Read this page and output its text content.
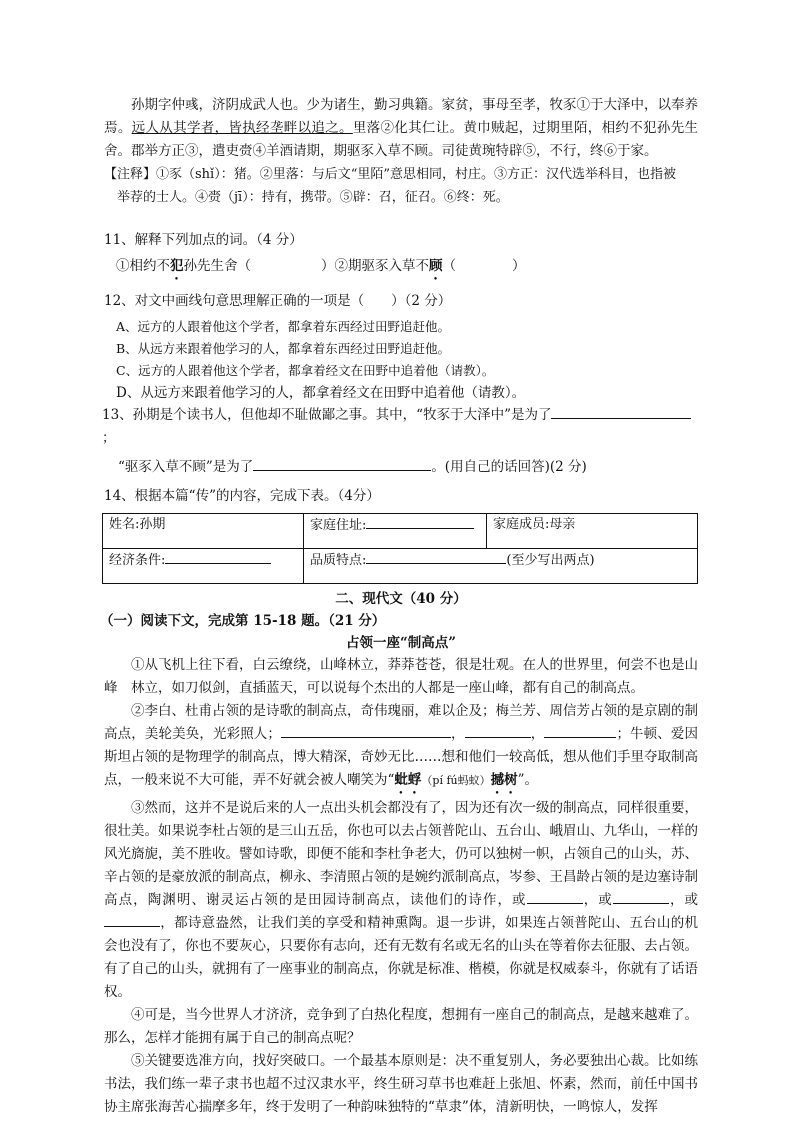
孙期字仲彧，济阴成武人也。少为诸生，勤习典籍。家贫，事母至孝，牧豕①于大泽中，以奉养焉。远人从其学者，皆执经垄畔以追之。里落②化其仁让。黄巾贼起，过期里陌，相约不犯孙先生舍。郡举方正③，遣吏赍④羊酒请期，期驱豕入草不顾。司徒黄琬特辟⑤，不行，终⑥于家。

【注释】①豕（shǐ）：猪。②里落：与后文“里陌”意思相同，村庄。③方正：汉代选举科目，也指被

举荐的士人。④赍（jī）：持有，携带。⑤辟：召，征召。⑥终：死。

11、解释下列加点的词。（4 分）

①相约不犯孙先生舍（	）②期驱豕入草不顾（	）

12、对文中画线句意思理解正确的一项是（　　）（2 分）

A、远方的人跟着他这个学者，都拿着东西经过田野追赶他。

B、从远方来跟着他学习的人，都拿着东西经过田野追赶他。

C、远方的人跟着他这个学者，都拿着经文在田野中追着他（请教）。

D、从远方来跟着他学习的人，都拿着经文在田野中追着他（请教）。

13、孙期是个读书人，但他却不耻做鄙之事。其中，“牧豕于大泽中”是为了；

“驱豕入草不顾”是为了	。(用自己的话回答)(2 分)

14、根据本篇“传”的内容，完成下表。（4分）

姓名:孙期	家庭住址:	家庭成员:母亲
经济条件:	品质特点: (至少写出两点)	

二、现代文（40 分）

（一）阅读下文，完成第 15-18 题。（21 分）

占领一座“制高点”

①从飞机上往下看，白云缭绕，山峰林立，莽莽苍苍，很是壮观。在人的世界里，何尝不也是山峰　林立，如刀似剑，直插蓝天，可以说每个杰出的人都是一座山峰，都有自己的制高点。

②李白、杜甫占领的是诗歌的制高点，奇伟瑰丽，难以企及；梅兰芳、周信芳占领的是京剧的制高点，美轮美奂，光彩照人；	，	，	；牛顿、爱因斯坦占领的是物理学的制高点，博大精深，奇妙无比……想和他们一较高低，想从他们手里夺取制高点，一般来说不大可能，弄不好就会被人嘲笑为“蚍蜉（pí fú蚂蚁）撼树”。

③然而，这并不是说后来的人一点出头机会都没有了，因为还有次一级的制高点，同样很重要，很壮美。如果说李杜占领的是三山五岳，你也可以去占领普陀山、五台山、峨眉山、九华山，一样的风光旖旎，美不胜收。譬如诗歌，即便不能和李杜争老大，仍可以独树一帜，占领自己的山头，苏、辛占领的是豪放派的制高点，柳永、李清照占领的是婉约派制高点，岑参、王昌龄占领的是边塞诗制高点，陶渊明、谢灵运占领的是田园诗制高点，读他们的诗作，或	，或	，或，都诗意盎然，让我们美的享受和精神熏陶。退一步讲，如果连占领普陀山、五台山的机会也没有了，你也不要灰心，只要你有志向，还有无数有名或无名的山头在等着你去征服、去占领。有了自己的山头，就拥有了一座事业的制高点，你就是标准、楷模，你就是权威泰斗，你就有了话语权。

④可是，当今世界人才济济，竞争到了白热化程度，想拥有一座自己的制高点，是越来越难了。

那么，怎样才能拥有属于自己的制高点呢？

⑤关键要选准方向，找好突破口。一个最基本原则是：决不重复别人，务必要独出心裁。比如练　书法，我们练一辈子隶书也超不过汉隶水平，终生研习草书也难赶上张旭、怀素，然而，前任中国书协主席张海苦心揣摩多年，终于发明了一种韵味独特的“草隶”体，清新明快，一鸣惊人，发挥
